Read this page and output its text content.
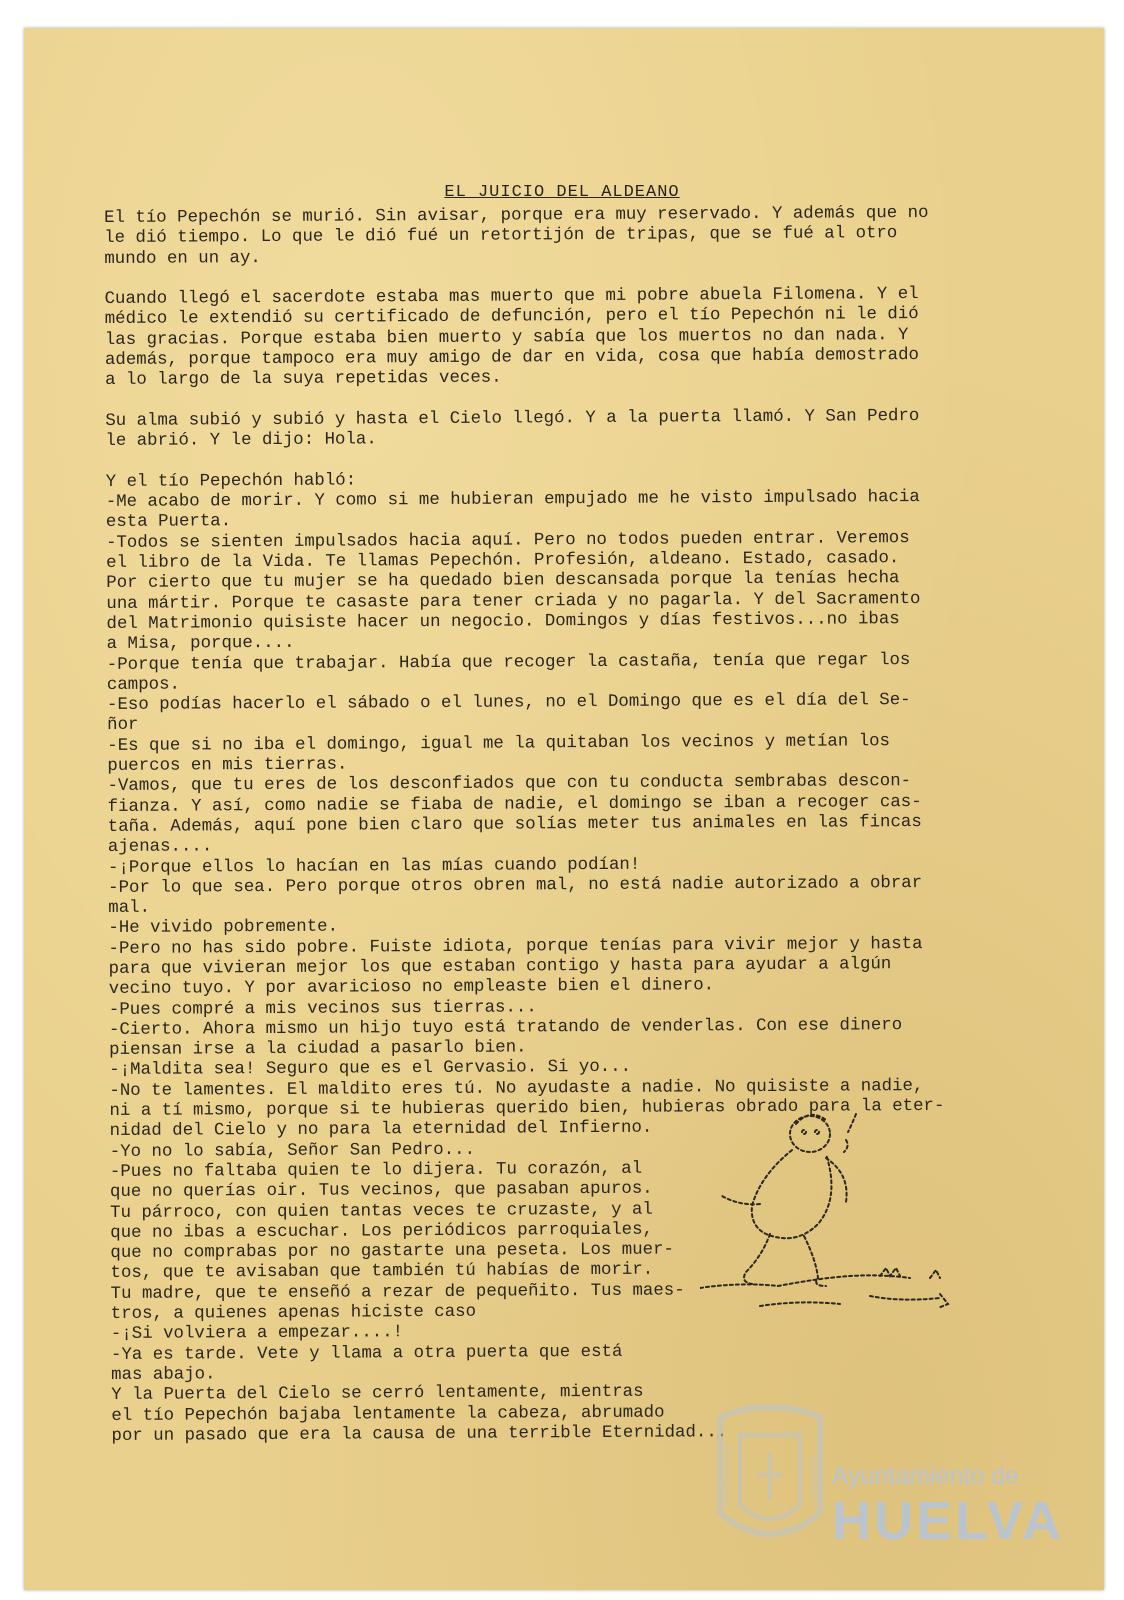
EL JUICIO DEL ALDEANO
El tío Pepechón se murió. Sin avisar, porque era muy reservado. Y además que no
le dió tiempo. Lo que le dió fué un retortijón de tripas, que se fué al otro
mundo en un ay.
Cuando llegó el sacerdote estaba mas muerto que mi pobre abuela Filomena. Y el
médico le extendió su certificado de defunción, pero el tío Pepechón ni le dió
las gracias. Porque estaba bien muerto y sabía que los muertos no dan nada. Y
además, porque tampoco era muy amigo de dar en vida, cosa que había demostrado
a lo largo de la suya repetidas veces.
Su alma subió y subió y hasta el Cielo llegó. Y a la puerta llamó. Y San Pedro
le abrió. Y le dijo: Hola.
Y el tío Pepechón habló:
-Me acabo de morir. Y como si me hubieran empujado me he visto impulsado hacia
esta Puerta.
-Todos se sienten impulsados hacia aquí. Pero no todos pueden entrar. Veremos
el libro de la Vida. Te llamas Pepechón. Profesión, aldeano. Estado, casado.
Por cierto que tu mujer se ha quedado bien descansada porque la tenías hecha
una mártir. Porque te casaste para tener criada y no pagarla. Y del Sacramento
del Matrimonio quisiste hacer un negocio. Domingos y días festivos...no ibas
a Misa, porque....
-Porque tenía que trabajar. Había que recoger la castaña, tenía que regar los
campos.
-Eso podías hacerlo el sábado o el lunes, no el Domingo que es el día del Se-
ñor
-Es que si no iba el domingo, igual me la quitaban los vecinos y metían los
puercos en mis tierras.
-Vamos, que tu eres de los desconfiados que con tu conducta sembrabas descon-
fianza. Y así, como nadie se fiaba de nadie, el domingo se iban a recoger cas-
taña. Además, aquí pone bien claro que solías meter tus animales en las fincas
ajenas....
-¡Porque ellos lo hacían en las mías cuando podían!
-Por lo que sea. Pero porque otros obren mal, no está nadie autorizado a obrar
mal.
-He vivido pobremente.
-Pero no has sido pobre. Fuiste idiota, porque tenías para vivir mejor y hasta
para que vivieran mejor los que estaban contigo y hasta para ayudar a algún
vecino tuyo. Y por avaricioso no empleaste bien el dinero.
-Pues compré a mis vecinos sus tierras...
-Cierto. Ahora mismo un hijo tuyo está tratando de venderlas. Con ese dinero
piensan irse a la ciudad a pasarlo bien.
-¡Maldita sea! Seguro que es el Gervasio. Si yo...
-No te lamentes. El maldito eres tú. No ayudaste a nadie. No quisiste a nadie,
ni a tí mismo, porque si te hubieras querido bien, hubieras obrado para la eter-
nidad del Cielo y no para la eternidad del Infierno.
-Yo no lo sabía, Señor San Pedro...
-Pues no faltaba quien te lo dijera. Tu corazón, al
que no querías oir. Tus vecinos, que pasaban apuros.
Tu párroco, con quien tantas veces te cruzaste, y al
que no ibas a escuchar. Los periódicos parroquiales,
que no comprabas por no gastarte una peseta. Los muer-
tos, que te avisaban que también tú habías de morir.
Tu madre, que te enseñó a rezar de pequeñito. Tus maes-
tros, a quienes apenas hiciste caso
-¡Si volviera a empezar....!
-Ya es tarde. Vete y llama a otra puerta que está
mas abajo.
Y la Puerta del Cielo se cerró lentamente, mientras
el tío Pepechón bajaba lentamente la cabeza, abrumado
por un pasado que era la causa de una terrible Eternidad...
ET TERRA
PORTUS MARIS	CUSTODIA Ayuntamiento de
HUELVA
